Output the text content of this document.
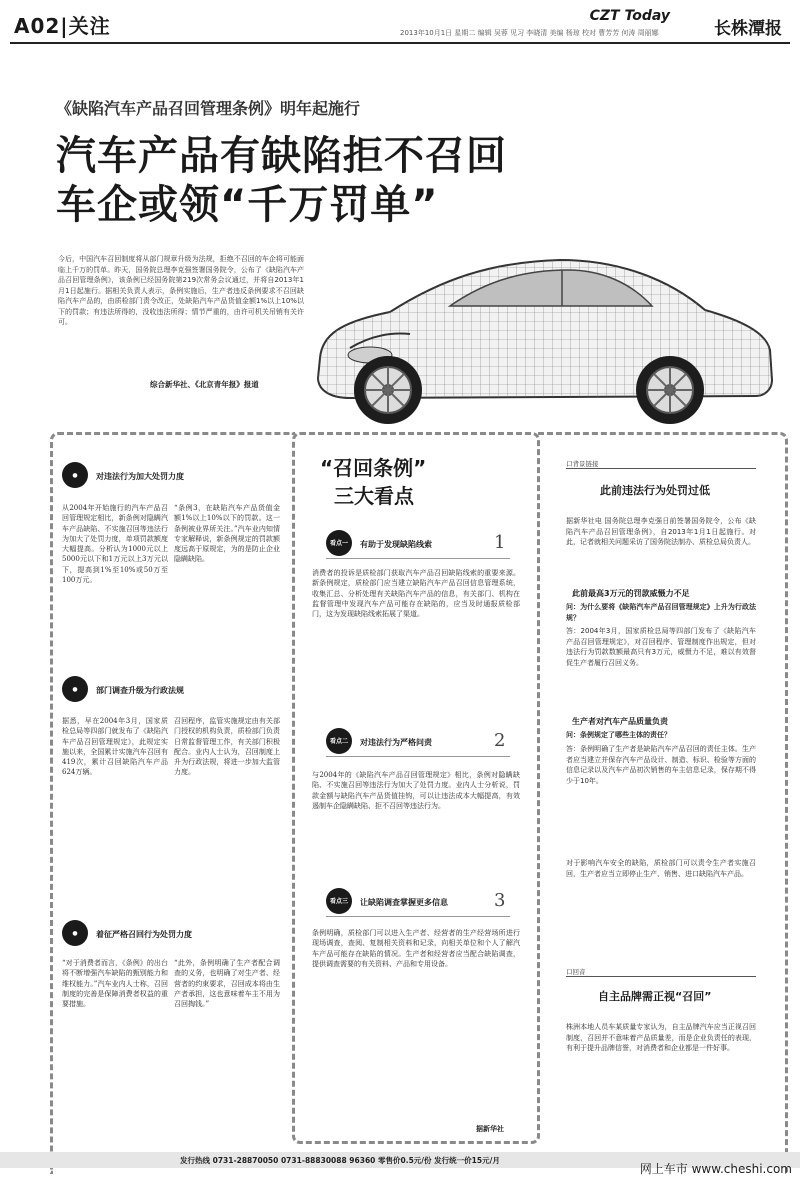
A02|关注	CZT Today
长株潭报
2013年10月1日 星期二 编辑 吴蓉 见习 李晓清 美编 杨琼 校对 曹芳芳 何涛 周丽娜
《缺陷汽车产品召回管理条例》明年起施行
汽车产品有缺陷拒不召回
车企或领“千万罚单”
今后，中国汽车召回制度将从部门规章升级为法规，拒绝不召回的车企将可能面临上千万的罚单。昨天，国务院总理李克强签署国务院令，公布了《缺陷汽车产品召回管理条例》，该条例已经国务院第219次常务会议通过，并将自2013年1月1日起施行。据相关负责人表示，条例实施后，生产者违反条例要求不召回缺陷汽车产品的，由质检部门责令改正，处缺陷汽车产品货值金额1%以上10%以下的罚款；有违法所得的，没收违法所得；情节严重的，由许可机关吊销有关许可。
综合新华社、《北京青年报》报道
●	对违法行为加大处罚力度
从2004年开始施行的汽车产品召回管理规定相比，新条例对隐瞒汽车产品缺陷、不实施召回等违法行为加大了处罚力度，单项罚款额度大幅提高。分析认为1000元以上5000元以下和1万元以上3万元以下，提高到1%至10%或50万至100万元。
“条例3，在缺陷汽车产品货值金额1%以上10%以下的罚款。这一条例被业界所关注。”汽车业内知情专家解释说，新条例规定的罚款额度远高于原规定，为的是防止企业隐瞒缺陷。
●	部门调查升级为行政法规
据悉，早在2004年3月，国家质检总局等四部门就发布了《缺陷汽车产品召回管理规定》，此规定实施以来，全国累计实施汽车召回有419次，累计召回缺陷汽车产品624万辆。
召回程序，监管实施规定由有关部门授权的机构负责，质检部门负责日常监督管理工作，有关部门积极配合。业内人士认为，召回制度上升为行政法规，将进一步加大监管力度。
●	着征严格召回行为处罚力度
“对于消费者而言，《条例》的出台将不断增强汽车缺陷的甄别能力和维权能力。”汽车业内人士称，召回制度的完善是保障消费者权益的重要措施。
“此外，条例明确了生产者配合调查的义务，也明确了对生产者、经营者的约束要求，召回成本将由生产者承担，这也意味着车主不用为召回掏钱。”
“召回条例”
三大看点
看点一	有助于发现缺陷线索	1
消费者的投诉是质检部门获取汽车产品召回缺陷线索的重要来源。新条例规定，质检部门应当建立缺陷汽车产品召回信息管理系统，收集汇总、分析处理有关缺陷汽车产品的信息，有关部门、机构在监督管理中发现汽车产品可能存在缺陷的，应当及时通报质检部门，这为发现缺陷线索拓展了渠道。
看点二	对违法行为严格问责	2
与2004年的《缺陷汽车产品召回管理规定》相比，条例对隐瞒缺陷、不实施召回等违法行为加大了处罚力度。业内人士分析说，罚款金额与缺陷汽车产品货值挂钩，可以让违法成本大幅提高，有效遏制车企隐瞒缺陷、拒不召回等违法行为。
看点三	让缺陷调查掌握更多信息	3
条例明确，质检部门可以进入生产者、经营者的生产经营场所进行现场调查，查阅、复制相关资料和记录，向相关单位和个人了解汽车产品可能存在缺陷的情况。生产者和经营者应当配合缺陷调查，提供调查需要的有关资料、产品和专用设备。
据新华社
口背景链接
此前违法行为处罚过低
据新华社电 国务院总理李克强日前签署国务院令，公布《缺陷汽车产品召回管理条例》，自2013年1月1日起施行。对此，记者就相关问题采访了国务院法制办、质检总局负责人。
此前最高3万元的罚款威慑力不足
问：为什么要将《缺陷汽车产品召回管理规定》上升为行政法规？
答：2004年3月，国家质检总局等四部门发布了《缺陷汽车产品召回管理规定》，对召回程序、管理制度作出规定，但对违法行为罚款数额最高只有3万元，威慑力不足，难以有效督促生产者履行召回义务。
生产者对汽车产品质量负责
问：条例规定了哪些主体的责任？
答：条例明确了生产者是缺陷汽车产品召回的责任主体。生产者应当建立并保存汽车产品设计、制造、标识、检验等方面的信息记录以及汽车产品初次销售的车主信息记录，保存期不得少于10年。
对于影响汽车安全的缺陷，质检部门可以责令生产者实施召回，生产者应当立即停止生产、销售、进口缺陷汽车产品。
口回音
自主品牌需正视“召回”
株洲本地人员车某质量专家认为，自主品牌汽车应当正视召回制度，召回并不意味着产品质量差，而是企业负责任的表现，有利于提升品牌信誉，对消费者和企业都是一件好事。
发行热线 0731-28870050 0731-88830088 96360 零售价0.5元/份 发行统一价15元/月
网上车市 www.cheshi.com
